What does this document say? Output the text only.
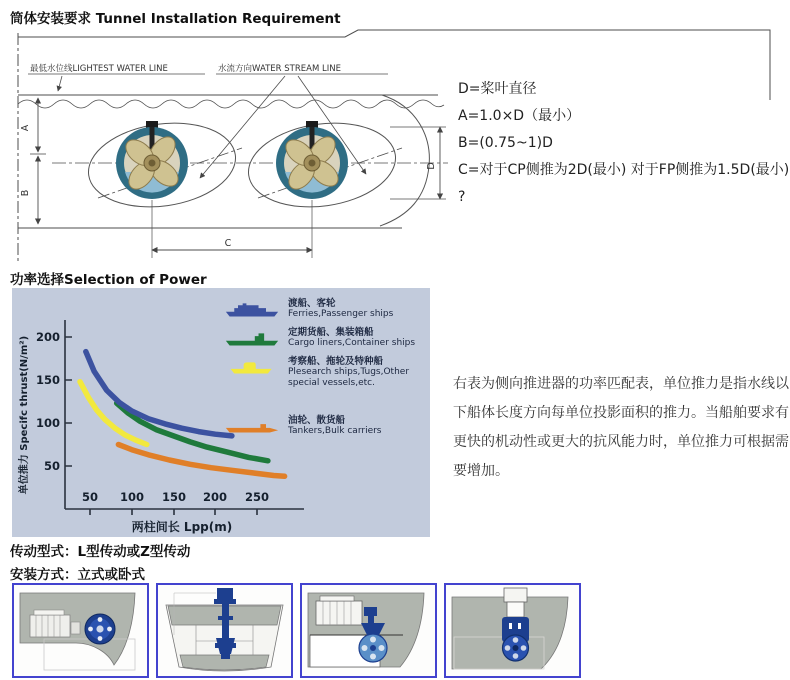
筒体安装要求 Tunnel Installation Requirement
最低水位线LIGHTEST WATER LINE	水流方向WATER STREAM LINE
A
B
C
D
D=桨叶直径
A=1.0×D（最小）
B=(0.75~1)D
C=对于CP侧推为2D(最小) 对于FP侧推为1.5D(最小)
?
功率选择Selection of Power
50
100
150
200
50 100 150 200 250
两柱间长 Lpp(m)
单位推力 Specifc thrust(N/m²)
渡船、客轮
Ferries,Passenger ships
定期货船、集装箱船
Cargo liners,Container ships
考察船、拖轮及特种船
Plesearch ships,Tugs,Other special vessels,etc.
油轮、散货船
Tankers,Bulk carriers

右表为侧向推进器的功率匹配表，单位推力是指水线以下船体长度方向每单位投影面积的推力。当船舶要求有更快的机动性或更大的抗风能力时，单位推力可根据需要增加。

传动型式：L型传动或Z型传动
安装方式：立式或卧式
